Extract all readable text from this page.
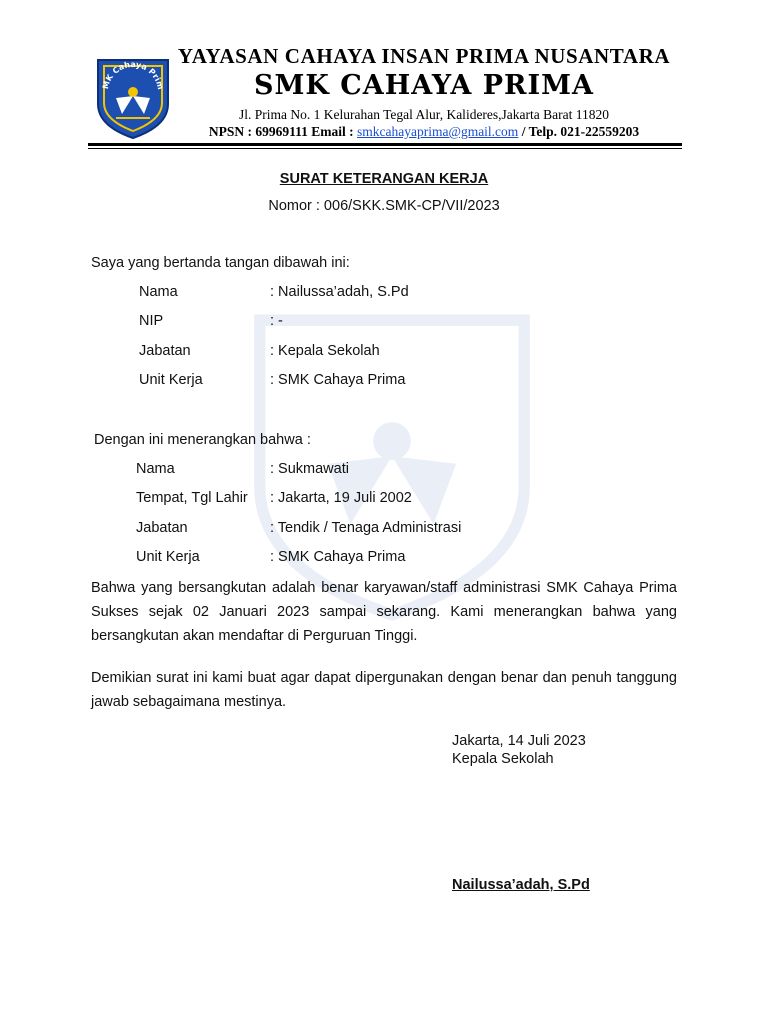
MK Cahaya Prim
YAYASAN CAHAYA INSAN PRIMA NUSANTARA
SMK CAHAYA PRIMA
Jl. Prima No. 1 Kelurahan Tegal Alur, Kalideres,Jakarta Barat 11820
NPSN : 69969111 Email : smkcahayaprima@gmail.com / Telp. 021-22559203
SURAT KETERANGAN KERJA
Nomor : 006/SKK.SMK-CP/VII/2023
Saya yang bertanda tangan dibawah ini:
Nama	: Nailussa’adah, S.Pd
NIP	: -
Jabatan	: Kepala Sekolah
Unit Kerja	: SMK Cahaya Prima
Dengan ini menerangkan bahwa :
Nama	: Sukmawati
Tempat, Tgl Lahir : Jakarta, 19 Juli 2002
Jabatan	: Tendik / Tenaga Administrasi
Unit Kerja	: SMK Cahaya Prima
Bahwa yang bersangkutan adalah benar karyawan/staff administrasi SMK Cahaya Prima Sukses sejak 02 Januari 2023 sampai sekarang. Kami menerangkan bahwa yang bersangkutan akan mendaftar di Perguruan Tinggi.
Demikian surat ini kami buat agar dapat dipergunakan dengan benar dan penuh tanggung jawab sebagaimana mestinya.
Jakarta, 14 Juli 2023
Kepala Sekolah
Nailussa’adah, S.Pd
